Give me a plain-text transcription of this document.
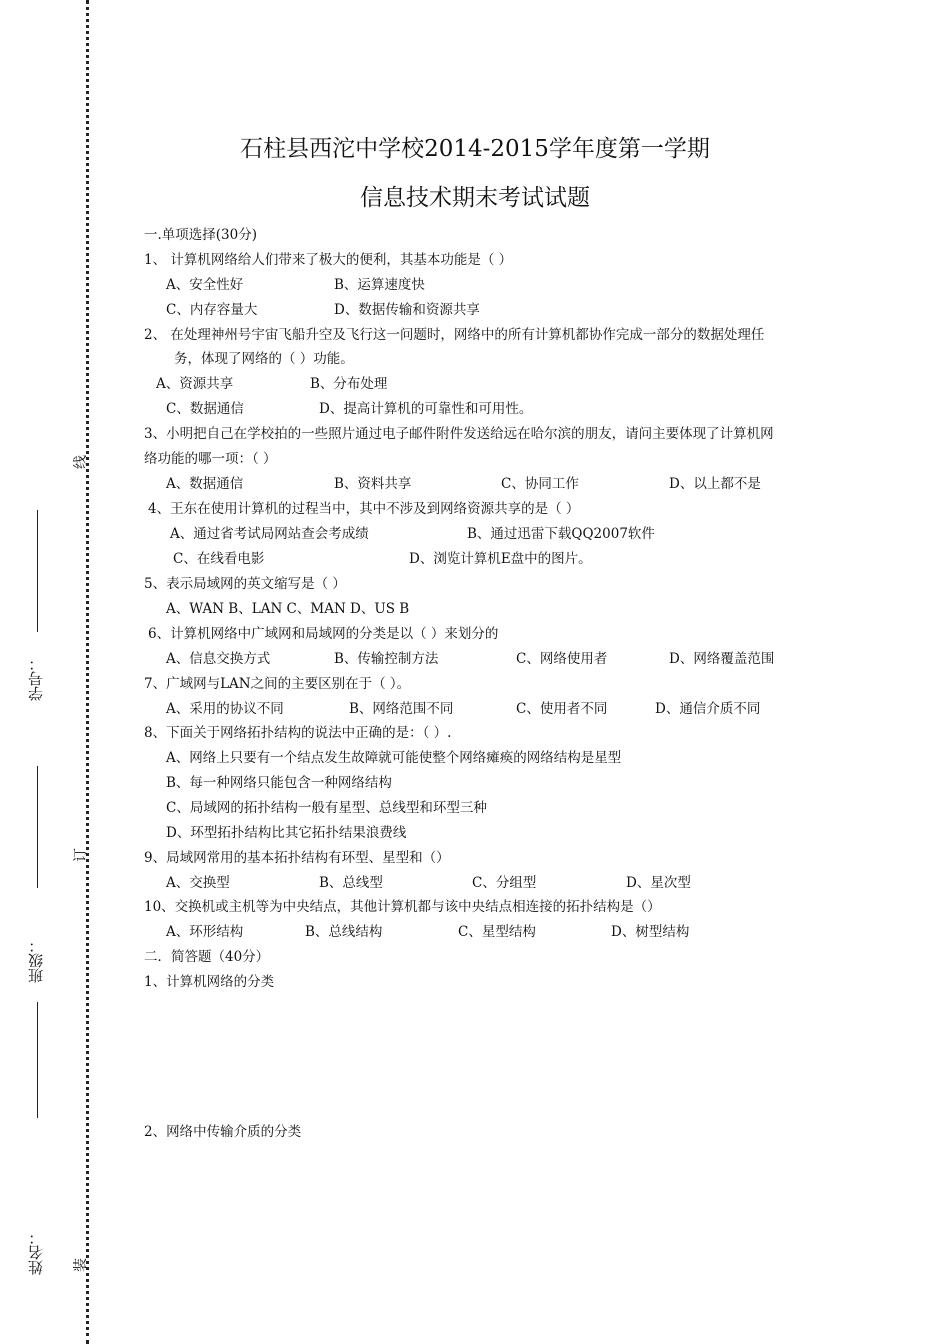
线
订
装
学号：
班级：
姓名：
石柱县西沱中学校2014-2015学年度第一学期
信息技术期末考试试题
一.单项选择(30分)
1、 计算机网络给人们带来了极大的便利，其基本功能是（ ）
A、安全性好	B、运算速度快
C、内存容量大	D、数据传输和资源共享
2、 在处理神州号宇宙飞船升空及飞行这一问题时，网络中的所有计算机都协作完成一部分的数据处理任
务，体现了网络的（ ）功能。
A、资源共享	B、分布处理
C、数据通信	D、提高计算机的可靠性和可用性。
3、小明把自己在学校拍的一些照片通过电子邮件附件发送给远在哈尔滨的朋友，请问主要体现了计算机网
络功能的哪一项：（ ）
A、数据通信	B、资料共享	C、协同工作	D、以上都不是
4、王东在使用计算机的过程当中，其中不涉及到网络资源共享的是（ ）
A、通过省考试局网站查会考成绩	B、通过迅雷下载QQ2007软件
C、在线看电影	D、浏览计算机E盘中的图片。
5、表示局域网的英文缩写是（ ）
A、WAN B、LAN C、MAN D、US B
6、计算机网络中广域网和局域网的分类是以（ ）来划分的
A、信息交换方式	B、传输控制方法	C、网络使用者	D、网络覆盖范围
7、广域网与LAN之间的主要区别在于（ ）。
A、采用的协议不同	B、网络范围不同	C、使用者不同	D、通信介质不同
8、下面关于网络拓扑结构的说法中正确的是：（ ）.
A、网络上只要有一个结点发生故障就可能使整个网络瘫痪的网络结构是星型
B、每一种网络只能包含一种网络结构
C、局域网的拓扑结构一般有星型、总线型和环型三种
D、环型拓扑结构比其它拓扑结果浪费线
9、局域网常用的基本拓扑结构有环型、星型和（）
A、交换型	B、总线型	C、分组型	D、星次型
10、交换机或主机等为中央结点，其他计算机都与该中央结点相连接的拓扑结构是（）
A、环形结构	B、总线结构	C、星型结构	D、树型结构
二．简答题（40分）
1、计算机网络的分类
2、网络中传输介质的分类
